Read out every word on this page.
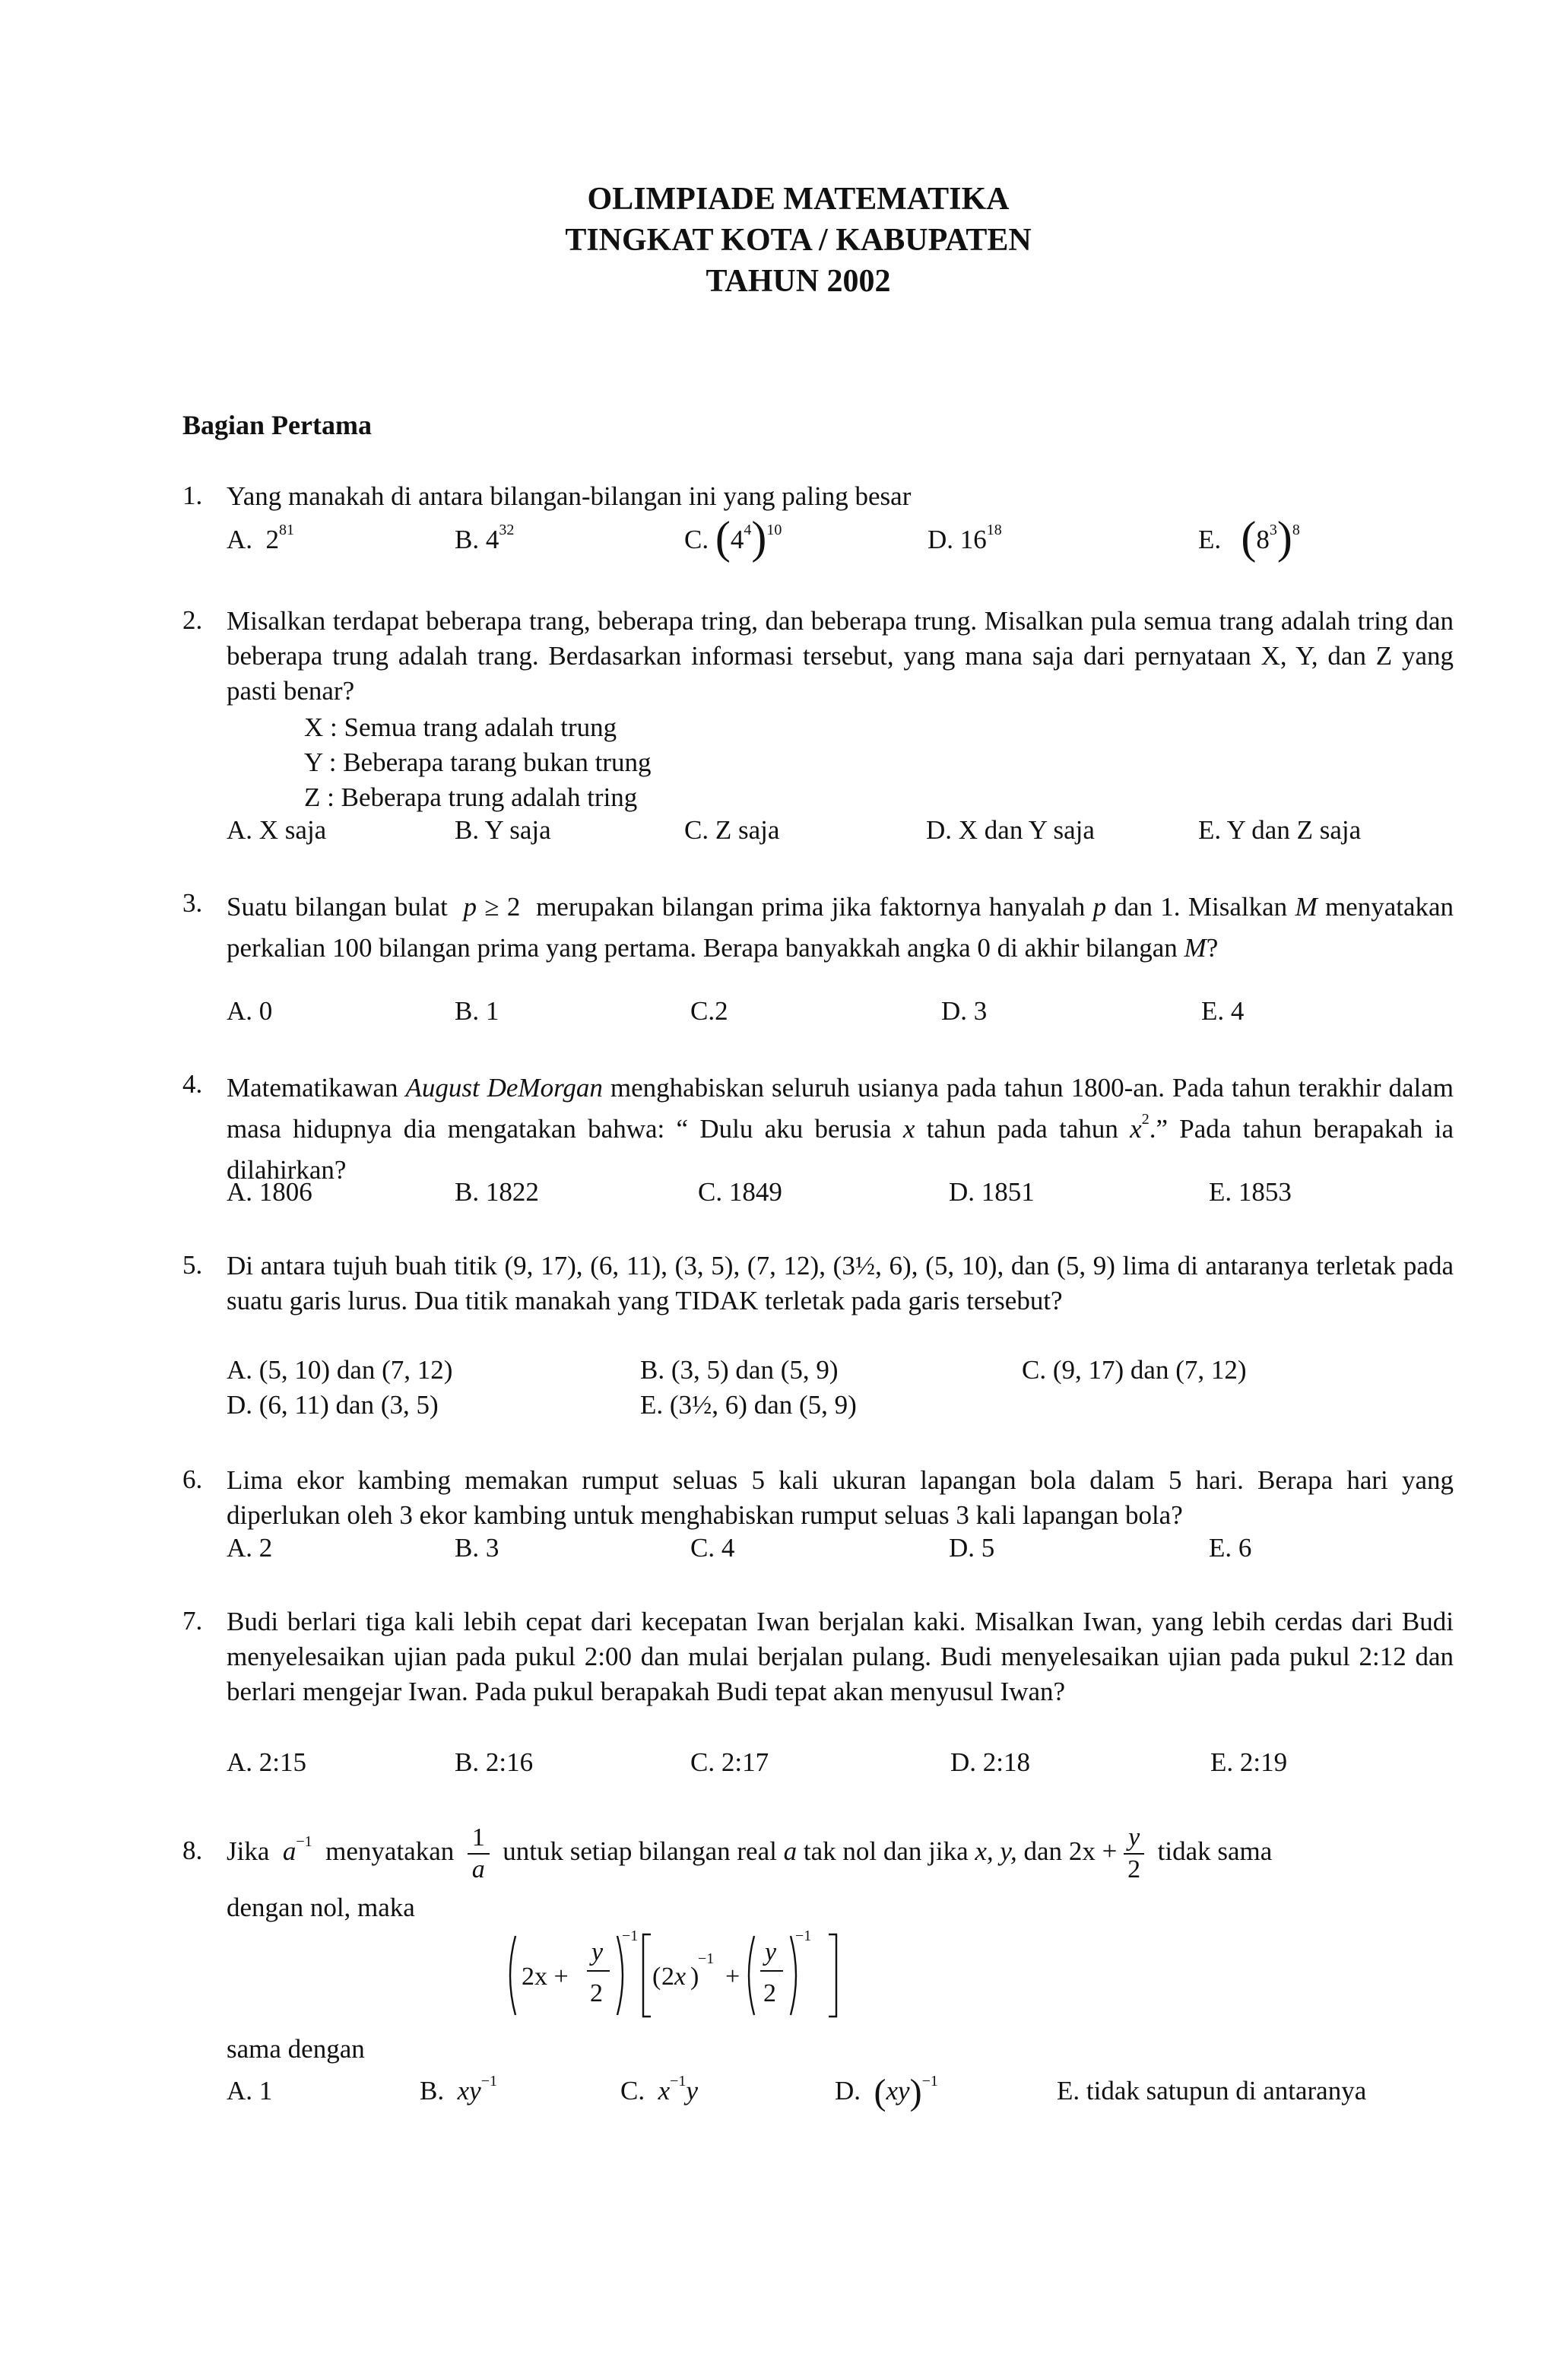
OLIMPIADE MATEMATIKA
TINGKAT KOTA / KABUPATEN
TAHUN 2002
Bagian Pertama
1. Yang manakah di antara bilangan-bilangan ini yang paling besar
A. $2^{81}$	B. $4^{32}$	C. $(4^4)^{10}$	D. $16^{18}$	E. $(8^3)^8$
2. Misalkan terdapat beberapa trang, beberapa tring, dan beberapa trung. Misalkan pula semua trang adalah tring dan beberapa trung adalah trang. Berdasarkan informasi tersebut, yang mana saja dari pernyataan X, Y, dan Z yang pasti benar?
X : Semua trang adalah trung
Y : Beberapa tarang bukan trung
Z : Beberapa trung adalah tring
A. X saja	B. Y saja	C. Z saja	D. X dan Y saja	E. Y dan Z saja
3. Suatu bilangan bulat p ≥ 2 merupakan bilangan prima jika faktornya hanyalah p dan 1. Misalkan M menyatakan perkalian 100 bilangan prima yang pertama. Berapa banyakkah angka 0 di akhir bilangan M?
A. 0	B. 1	C.2	D. 3	E. 4
4. Matematikawan August DeMorgan menghabiskan seluruh usianya pada tahun 1800-an. Pada tahun terakhir dalam masa hidupnya dia mengatakan bahwa: “ Dulu aku berusia x tahun pada tahun $x^2$.” Pada tahun berapakah ia dilahirkan?
A. 1806	B. 1822	C. 1849	D. 1851	E. 1853
5. Di antara tujuh buah titik (9, 17), (6, 11), (3, 5), (7, 12), (3½, 6), (5, 10), dan (5, 9) lima di antaranya terletak pada suatu garis lurus. Dua titik manakah yang TIDAK terletak pada garis tersebut?
A. (5, 10) dan (7, 12)	B. (3, 5) dan (5, 9)	C. (9, 17) dan (7, 12)
D. (6, 11) dan (3, 5)	E. (3½, 6) dan (5, 9)
6. Lima ekor kambing memakan rumput seluas 5 kali ukuran lapangan bola dalam 5 hari. Berapa hari yang diperlukan oleh 3 ekor kambing untuk menghabiskan rumput seluas 3 kali lapangan bola?
A. 2	B. 3	C. 4	D. 5	E. 6
7. Budi berlari tiga kali lebih cepat dari kecepatan Iwan berjalan kaki. Misalkan Iwan, yang lebih cerdas dari Budi menyelesaikan ujian pada pukul 2:00 dan mulai berjalan pulang. Budi menyelesaikan ujian pada pukul 2:12 dan berlari mengejar Iwan. Pada pukul berapakah Budi tepat akan menyusul Iwan?
A. 2:15	B. 2:16	C. 2:17	D. 2:18	E. 2:19
8. Jika $a^{-1}$ menyatakan $\frac{1}{a}$ untuk setiap bilangan real a tak nol dan jika x, y, dan $2x + \frac{y}{2}$ tidak sama
dengan nol, maka
2x +
y
2
−1
( 2x )
−1
+
y
2
−1
sama dengan
A. 1	B. $xy^{-1}$	C. $x^{-1}y$	D. (xy)$^{-1}$	E. tidak satupun di antaranya
